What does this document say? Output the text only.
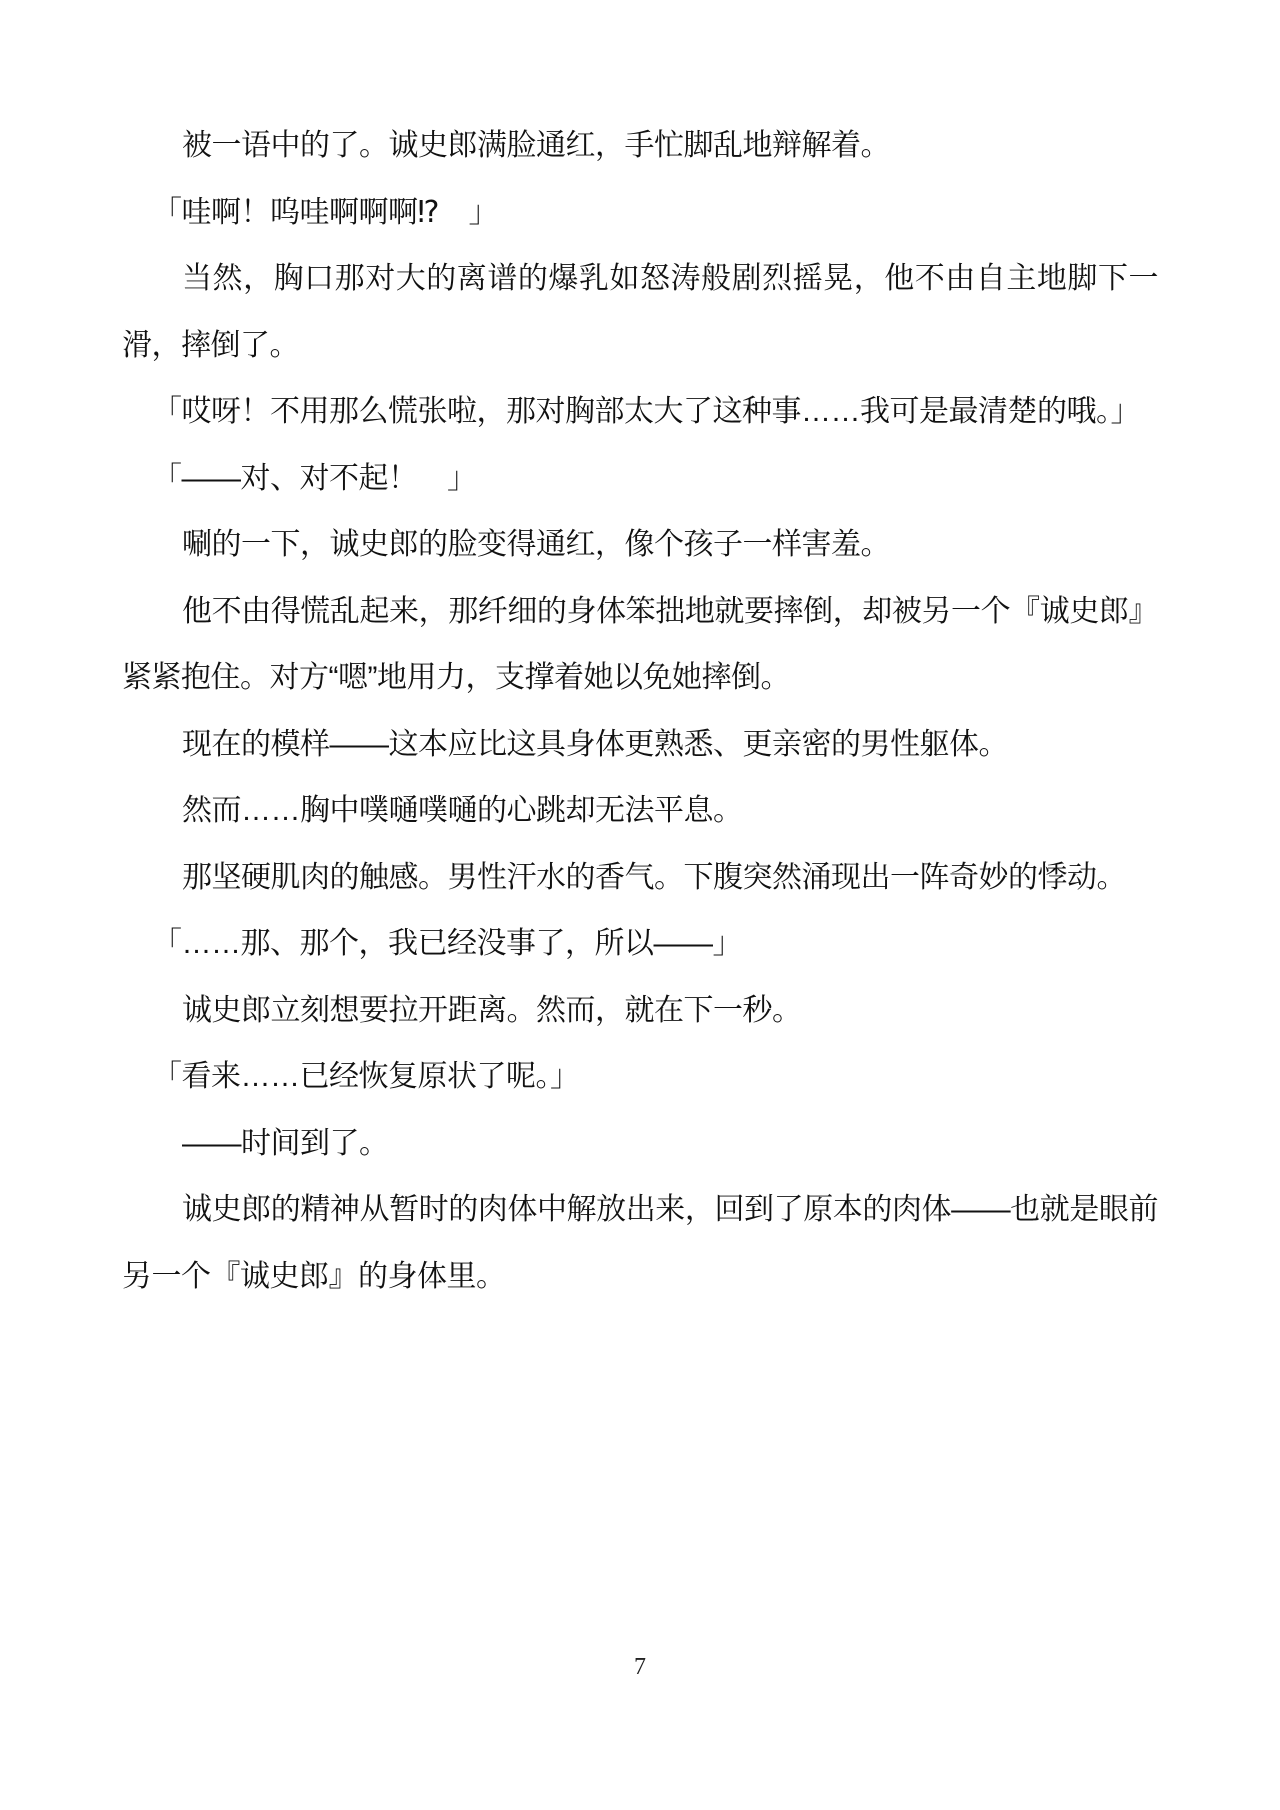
被一语中的了。诚史郎满脸通红，手忙脚乱地辩解着。

「哇啊！呜哇啊啊啊⁉　」

当然，胸口那对大的离谱的爆乳如怒涛般剧烈摇晃，他不由自主地脚下一滑，摔倒了。

「哎呀！不用那么慌张啦，那对胸部太大了这种事……我可是最清楚的哦。」

「——对、对不起！　」

唰的一下，诚史郎的脸变得通红，像个孩子一样害羞。

他不由得慌乱起来，那纤细的身体笨拙地就要摔倒，却被另一个『诚史郎』紧紧抱住。对方“嗯”地用力，支撑着她以免她摔倒。

现在的模样——这本应比这具身体更熟悉、更亲密的男性躯体。

然而……胸中噗嗵噗嗵的心跳却无法平息。

那坚硬肌肉的触感。男性汗水的香气。下腹突然涌现出一阵奇妙的悸动。

「……那、那个，我已经没事了，所以——」

诚史郎立刻想要拉开距离。然而，就在下一秒。

「看来……已经恢复原状了呢。」

——时间到了。

诚史郎的精神从暂时的肉体中解放出来，回到了原本的肉体——也就是眼前另一个『诚史郎』的身体里。

7
